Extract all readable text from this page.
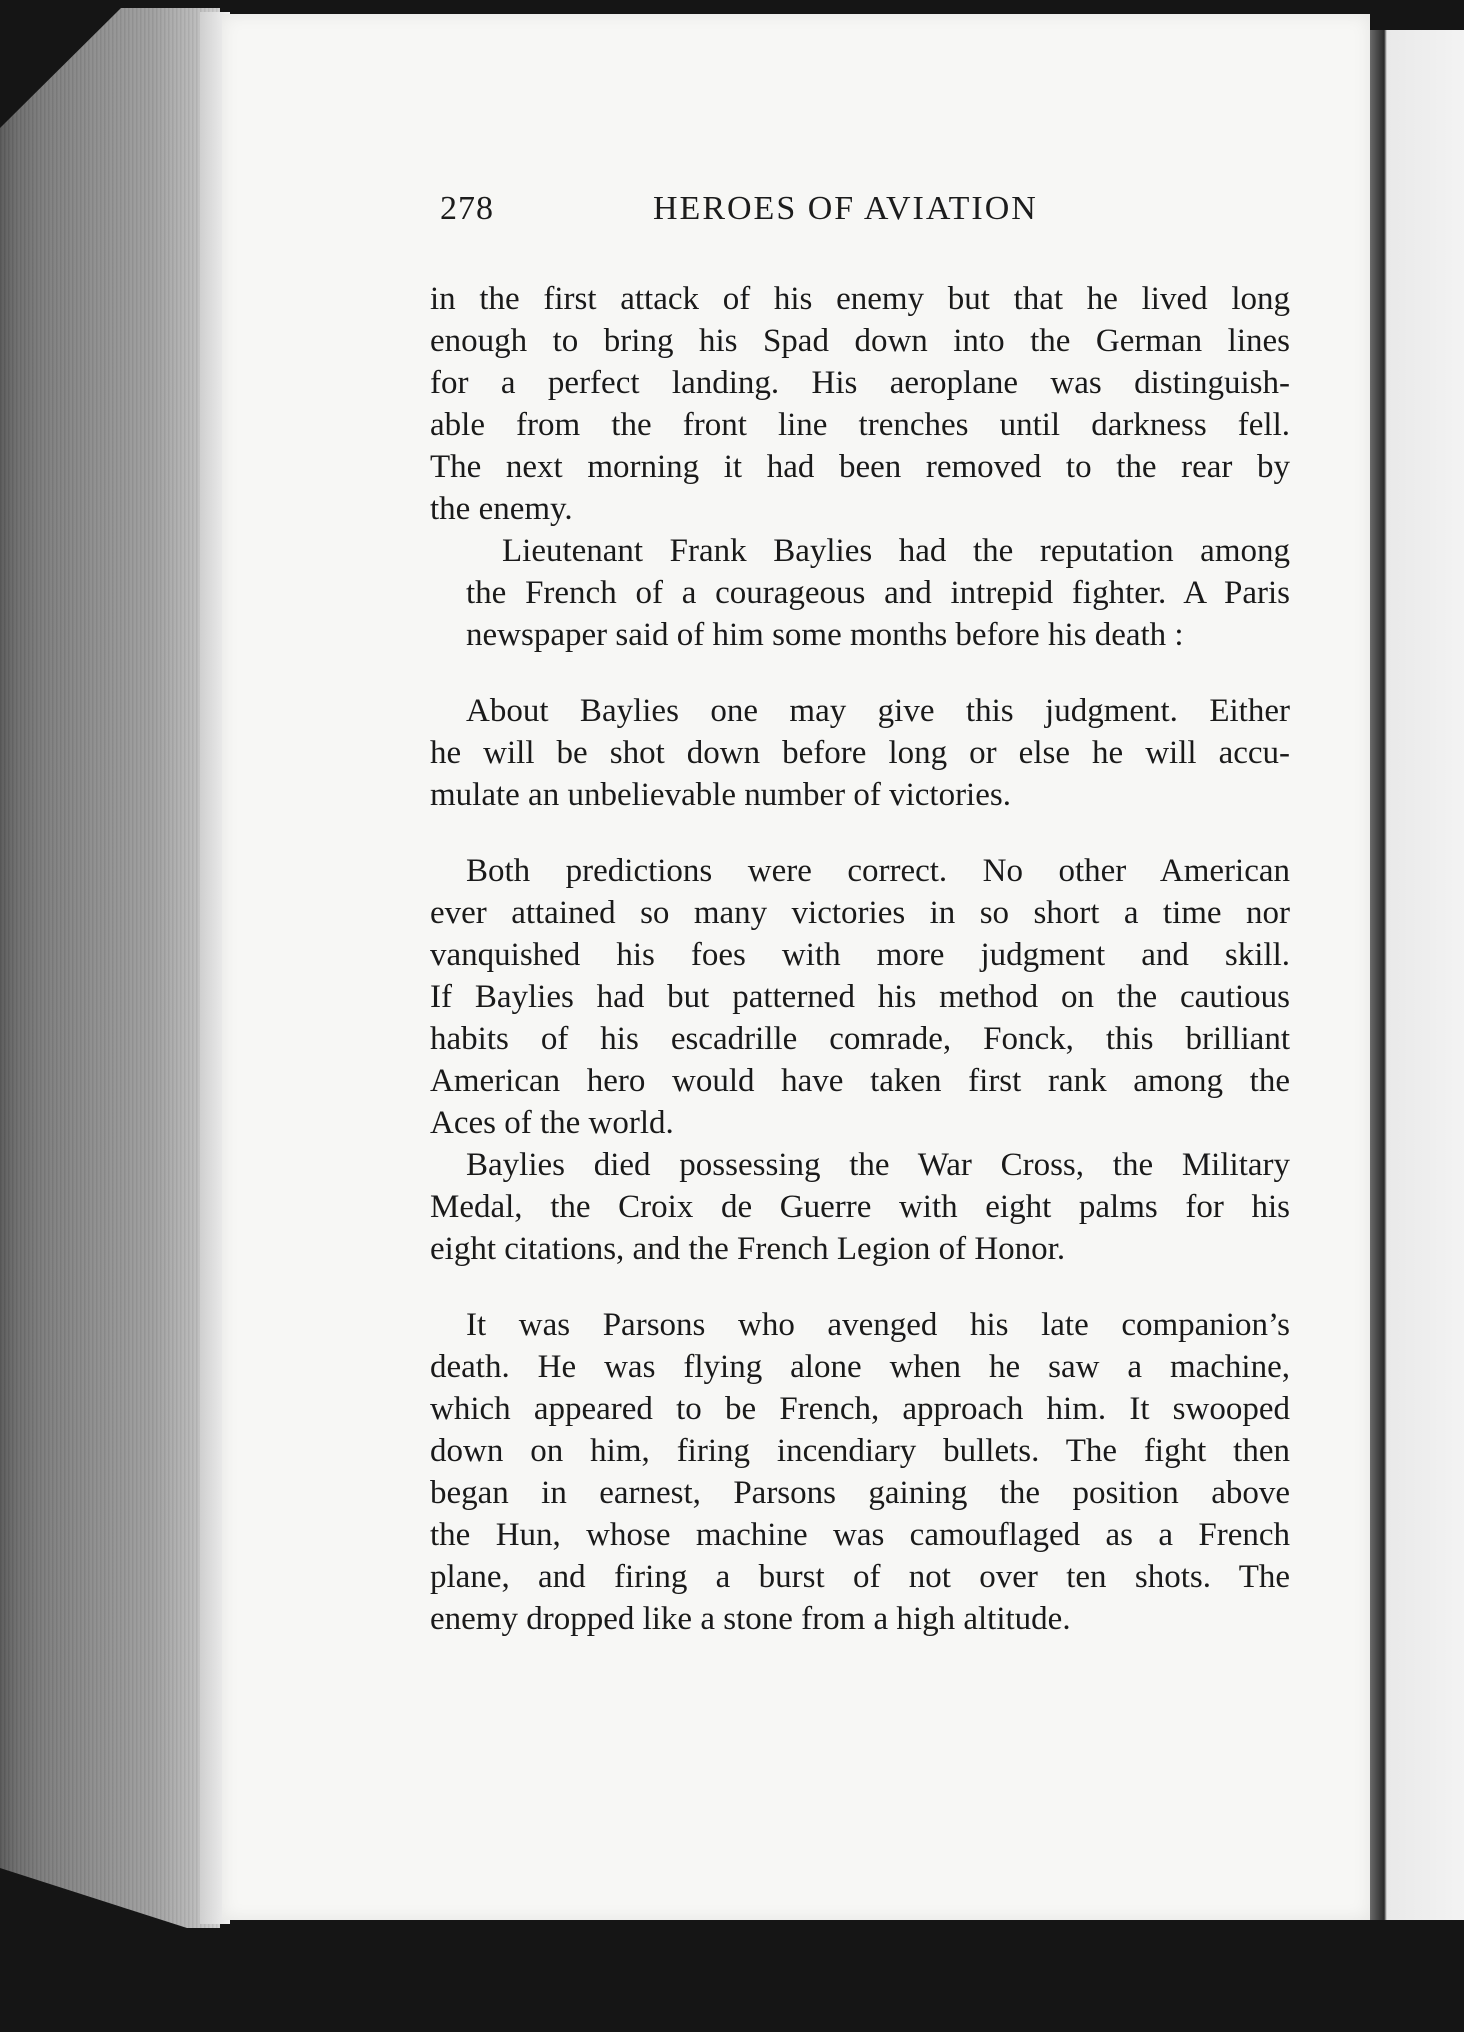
278	HEROES OF AVIATION
in the first attack of his enemy but that he lived long
enough to bring his Spad down into the German lines
for a perfect landing. His aeroplane was distinguish-
able from the front line trenches until darkness fell.
The next morning it had been removed to the rear by
the enemy.
Lieutenant Frank Baylies had the reputation among
the French of a courageous and intrepid fighter. A Paris
newspaper said of him some months before his death :
About Baylies one may give this judgment. Either
he will be shot down before long or else he will accu-
mulate an unbelievable number of victories.
Both predictions were correct. No other American
ever attained so many victories in so short a time nor
vanquished his foes with more judgment and skill.
If Baylies had but patterned his method on the cautious
habits of his escadrille comrade, Fonck, this brilliant
American hero would have taken first rank among the
Aces of the world.
Baylies died possessing the War Cross, the Military
Medal, the Croix de Guerre with eight palms for his
eight citations, and the French Legion of Honor.
It was Parsons who avenged his late companion’s
death. He was flying alone when he saw a machine,
which appeared to be French, approach him. It swooped
down on him, firing incendiary bullets. The fight then
began in earnest, Parsons gaining the position above
the Hun, whose machine was camouflaged as a French
plane, and firing a burst of not over ten shots. The
enemy dropped like a stone from a high altitude.
